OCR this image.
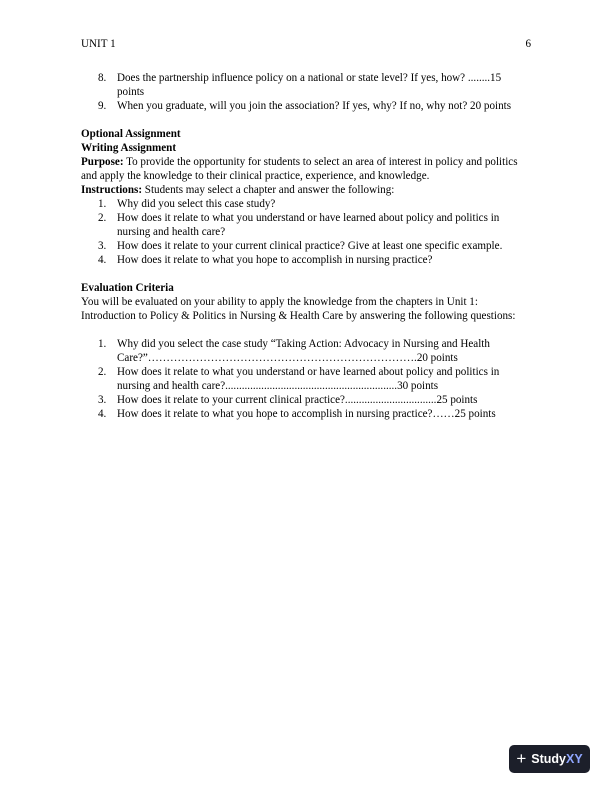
UNIT 1	6
8. Does the partnership influence policy on a national or state level? If yes, how? ........15 points
9. When you graduate, will you join the association? If yes, why? If no, why not? 20 points
Optional Assignment
Writing Assignment

Purpose: To provide the opportunity for students to select an area of interest in policy and politics and apply the knowledge to their clinical practice, experience, and knowledge.

Instructions: Students may select a chapter and answer the following:

1. Why did you select this case study?
2. How does it relate to what you understand or have learned about policy and politics in nursing and health care?
3. How does it relate to your current clinical practice? Give at least one specific example.
4. How does it relate to what you hope to accomplish in nursing practice?
Evaluation Criteria

You will be evaluated on your ability to apply the knowledge from the chapters in Unit 1: Introduction to Policy & Politics in Nursing & Health Care by answering the following questions:

1. Why did you select the case study “Taking Action: Advocacy in Nursing and Health Care?”……………………………………………………………….20 points
2. How does it relate to what you understand or have learned about policy and politics in nursing and health care?..............................................................30 points
3. How does it relate to your current clinical practice?.................................25 points
4. How does it relate to what you hope to accomplish in nursing practice?……25 points
+ StudyXY
